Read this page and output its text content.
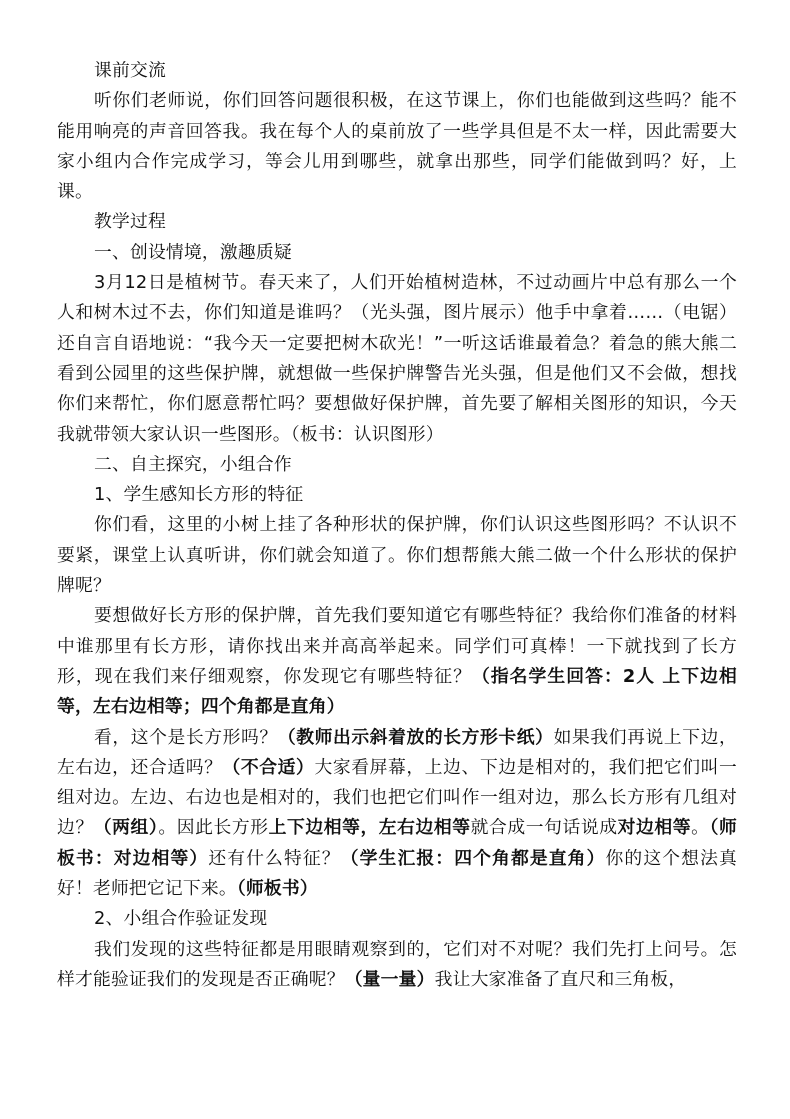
课前交流

听你们老师说，你们回答问题很积极，在这节课上，你们也能做到这些吗？能不能用响亮的声音回答我。我在每个人的桌前放了一些学具但是不太一样，因此需要大家小组内合作完成学习，等会儿用到哪些，就拿出那些，同学们能做到吗？好，上课。

教学过程

一、创设情境，激趣质疑

3月12日是植树节。春天来了，人们开始植树造林，不过动画片中总有那么一个人和树木过不去，你们知道是谁吗？（光头强，图片展示）他手中拿着……（电锯）还自言自语地说：“我今天一定要把树木砍光！”一听这话谁最着急？着急的熊大熊二看到公园里的这些保护牌，就想做一些保护牌警告光头强，但是他们又不会做，想找你们来帮忙，你们愿意帮忙吗？要想做好保护牌，首先要了解相关图形的知识，今天我就带领大家认识一些图形。（板书：认识图形）

二、自主探究，小组合作

1、学生感知长方形的特征

你们看，这里的小树上挂了各种形状的保护牌，你们认识这些图形吗？不认识不要紧，课堂上认真听讲，你们就会知道了。你们想帮熊大熊二做一个什么形状的保护牌呢？

要想做好长方形的保护牌，首先我们要知道它有哪些特征？我给你们准备的材料中谁那里有长方形，请你找出来并高高举起来。同学们可真棒！一下就找到了长方形，现在我们来仔细观察，你发现它有哪些特征？（指名学生回答：2人 上下边相等，左右边相等；四个角都是直角）

看，这个是长方形吗？（教师出示斜着放的长方形卡纸）如果我们再说上下边，左右边，还合适吗？（不合适）大家看屏幕，上边、下边是相对的，我们把它们叫一组对边。左边、右边也是相对的，我们也把它们叫作一组对边，那么长方形有几组对边？（两组）。因此长方形上下边相等，左右边相等就合成一句话说成对边相等。（师板书：对边相等）还有什么特征？（学生汇报：四个角都是直角）你的这个想法真好！老师把它记下来。（师板书）

2、小组合作验证发现

我们发现的这些特征都是用眼睛观察到的，它们对不对呢？我们先打上问号。怎样才能验证我们的发现是否正确呢？（量一量）我让大家准备了直尺和三角板，
